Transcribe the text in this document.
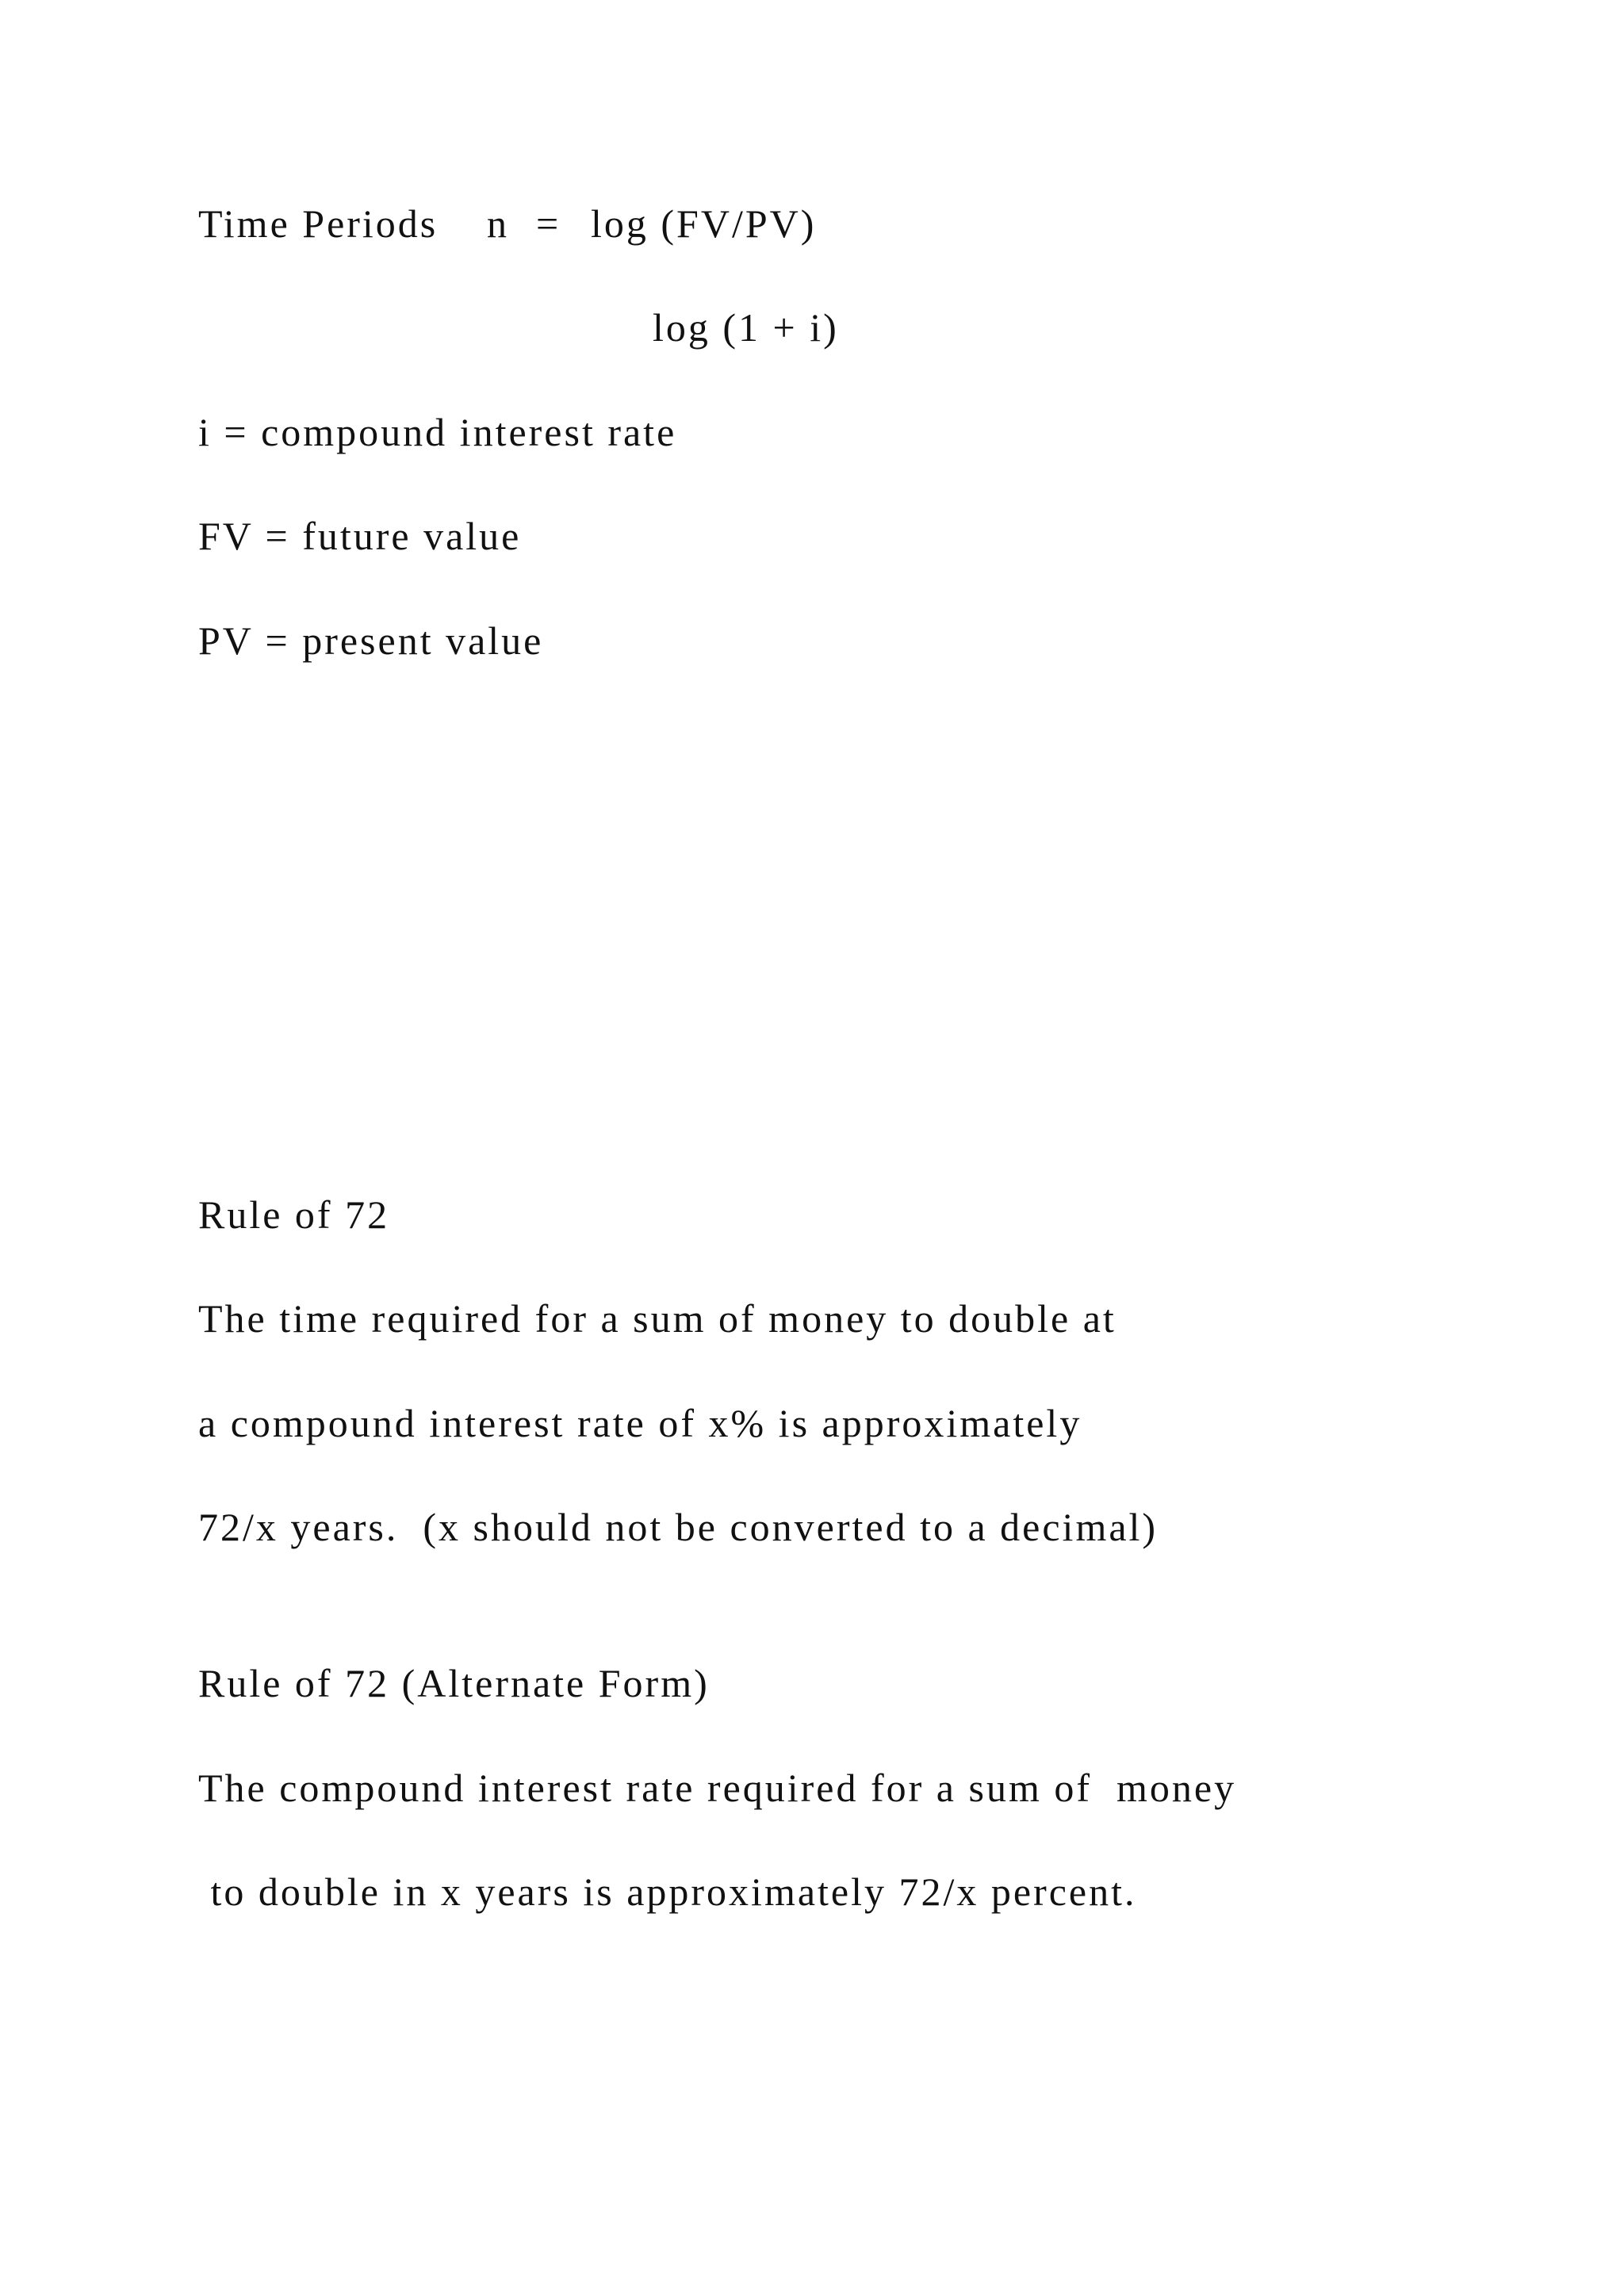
Time Periods n = log (FV/PV)
log (1 + i)
i = compound interest rate
FV = future value
PV = present value
Rule of 72
The time required for a sum of money to double at
a compound interest rate of x% is approximately
72/x years.  (x should not be converted to a decimal)
Rule of 72 (Alternate Form)
The compound interest rate required for a sum of  money
to double in x years is approximately 72/x percent.
